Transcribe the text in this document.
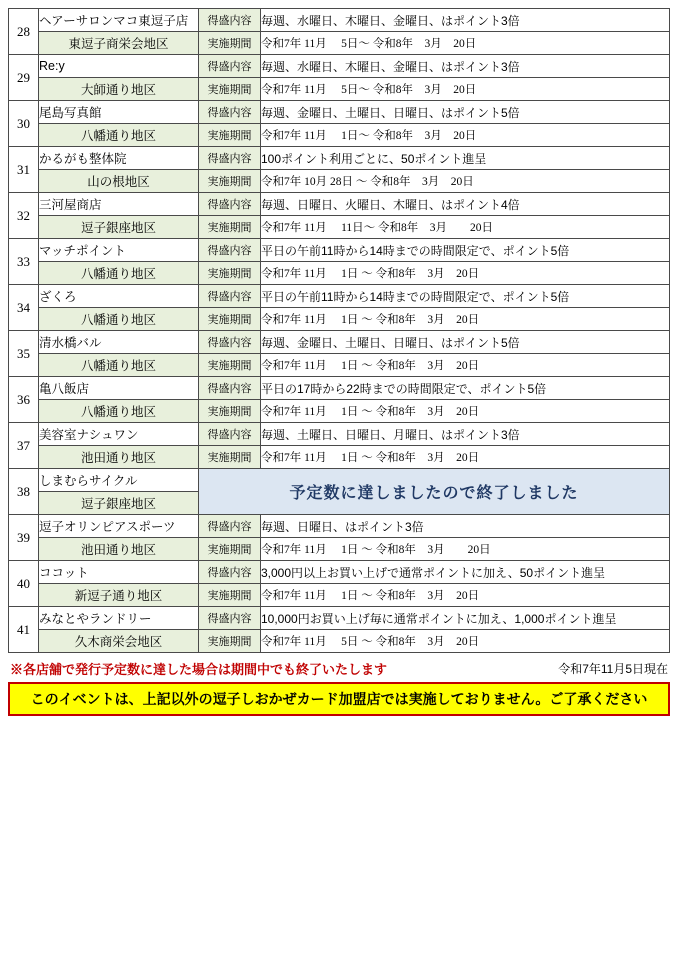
28	ヘアーサロンマコ東逗子店	得盛内容	毎週、水曜日、木曜日、金曜日、はポイント3倍
	東逗子商栄会地区	実施期間	令和7年 11月　 5日～ 令和8年　3月　20日
29	Re:y	得盛内容	毎週、水曜日、木曜日、金曜日、はポイント3倍
	大師通り地区	実施期間	令和7年 11月　 5日～ 令和8年　3月　20日
30	尾島写真館	得盛内容	毎週、金曜日、土曜日、日曜日、はポイント5倍
	八幡通り地区	実施期間	令和7年 11月　 1日～ 令和8年　3月　20日
31	かるがも整体院	得盛内容	100ポイント利用ごとに、50ポイント進呈
	山の根地区	実施期間	令和7年 10月 28日 ～ 令和8年　3月　20日
32	三河屋商店	得盛内容	毎週、日曜日、火曜日、木曜日、はポイント4倍
	逗子銀座地区	実施期間	令和7年 11月　 11日～ 令和8年　3月　　20日
33	マッチポイント	得盛内容	平日の午前11時から14時までの時間限定で、ポイント5倍
	八幡通り地区	実施期間	令和7年 11月　 1日 ～ 令和8年　3月　20日
34	ざくろ	得盛内容	平日の午前11時から14時までの時間限定で、ポイント5倍
	八幡通り地区	実施期間	令和7年 11月　 1日 ～ 令和8年　3月　20日
35	清水橋バル	得盛内容	毎週、金曜日、土曜日、日曜日、はポイント5倍
	八幡通り地区	実施期間	令和7年 11月　 1日 ～ 令和8年　3月　20日
36	亀八飯店	得盛内容	平日の17時から22時までの時間限定で、ポイント5倍
	八幡通り地区	実施期間	令和7年 11月　 1日 ～ 令和8年　3月　20日
37	美容室ナシュワン	得盛内容	毎週、土曜日、日曜日、月曜日、はポイント3倍
	池田通り地区	実施期間	令和7年 11月　 1日 ～ 令和8年　3月　20日
38	しまむらサイクル	予定数に達しましたので終了しました	
	逗子銀座地区		
39	逗子オリンピアスポーツ	得盛内容	毎週、日曜日、はポイント3倍
	池田通り地区	実施期間	令和7年 11月　 1日 ～ 令和8年　3月　　20日
40	ココット	得盛内容	3,000円以上お買い上げで通常ポイントに加え、50ポイント進呈
	新逗子通り地区	実施期間	令和7年 11月　 1日 ～ 令和8年　3月　20日
41	みなとやランドリー	得盛内容	10,000円お買い上げ毎に通常ポイントに加え、1,000ポイント進呈
	久木商栄会地区	実施期間	令和7年 11月　 5日 ～ 令和8年　3月　20日
※各店舗で発行予定数に達した場合は期間中でも終了いたします	令和7年11月5日現在
このイベントは、上記以外の逗子しおかぜカード加盟店では実施しておりません。ご了承ください
